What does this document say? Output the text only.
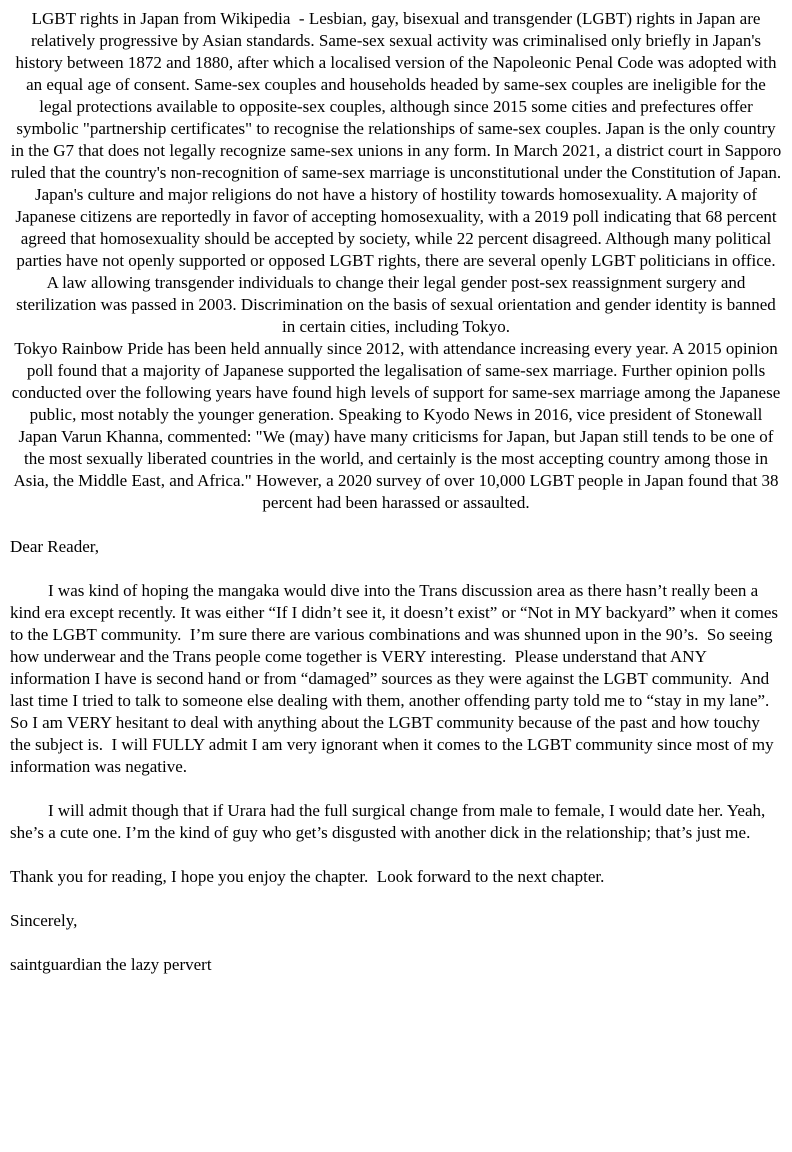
LGBT rights in Japan from Wikipedia  - Lesbian, gay, bisexual and transgender (LGBT) rights in Japan are relatively progressive by Asian standards. Same-sex sexual activity was criminalised only briefly in Japan's history between 1872 and 1880, after which a localised version of the Napoleonic Penal Code was adopted with an equal age of consent. Same-sex couples and households headed by same-sex couples are ineligible for the legal protections available to opposite-sex couples, although since 2015 some cities and prefectures offer symbolic "partnership certificates" to recognise the relationships of same-sex couples. Japan is the only country in the G7 that does not legally recognize same-sex unions in any form. In March 2021, a district court in Sapporo ruled that the country's non-recognition of same-sex marriage is unconstitutional under the Constitution of Japan.

Japan's culture and major religions do not have a history of hostility towards homosexuality. A majority of Japanese citizens are reportedly in favor of accepting homosexuality, with a 2019 poll indicating that 68 percent agreed that homosexuality should be accepted by society, while 22 percent disagreed. Although many political parties have not openly supported or opposed LGBT rights, there are several openly LGBT politicians in office. A law allowing transgender individuals to change their legal gender post-sex reassignment surgery and sterilization was passed in 2003. Discrimination on the basis of sexual orientation and gender identity is banned in certain cities, including Tokyo.

Tokyo Rainbow Pride has been held annually since 2012, with attendance increasing every year. A 2015 opinion poll found that a majority of Japanese supported the legalisation of same-sex marriage. Further opinion polls conducted over the following years have found high levels of support for same-sex marriage among the Japanese public, most notably the younger generation. Speaking to Kyodo News in 2016, vice president of Stonewall Japan Varun Khanna, commented: "We (may) have many criticisms for Japan, but Japan still tends to be one of the most sexually liberated countries in the world, and certainly is the most accepting country among those in Asia, the Middle East, and Africa." However, a 2020 survey of over 10,000 LGBT people in Japan found that 38 percent had been harassed or assaulted.

Dear Reader,

I was kind of hoping the mangaka would dive into the Trans discussion area as there hasn’t really been a kind era except recently. It was either “If I didn’t see it, it doesn’t exist” or “Not in MY backyard” when it comes to the LGBT community.  I’m sure there are various combinations and was shunned upon in the 90’s.  So seeing how underwear and the Trans people come together is VERY interesting.  Please understand that ANY information I have is second hand or from “damaged” sources as they were against the LGBT community.  And last time I tried to talk to someone else dealing with them, another offending party told me to “stay in my lane”.  So I am VERY hesitant to deal with anything about the LGBT community because of the past and how touchy the subject is.  I will FULLY admit I am very ignorant when it comes to the LGBT community since most of my information was negative.

I will admit though that if Urara had the full surgical change from male to female, I would date her. Yeah, she’s a cute one. I’m the kind of guy who get’s disgusted with another dick in the relationship; that’s just me.

Thank you for reading, I hope you enjoy the chapter.  Look forward to the next chapter.

Sincerely,

saintguardian the lazy pervert
